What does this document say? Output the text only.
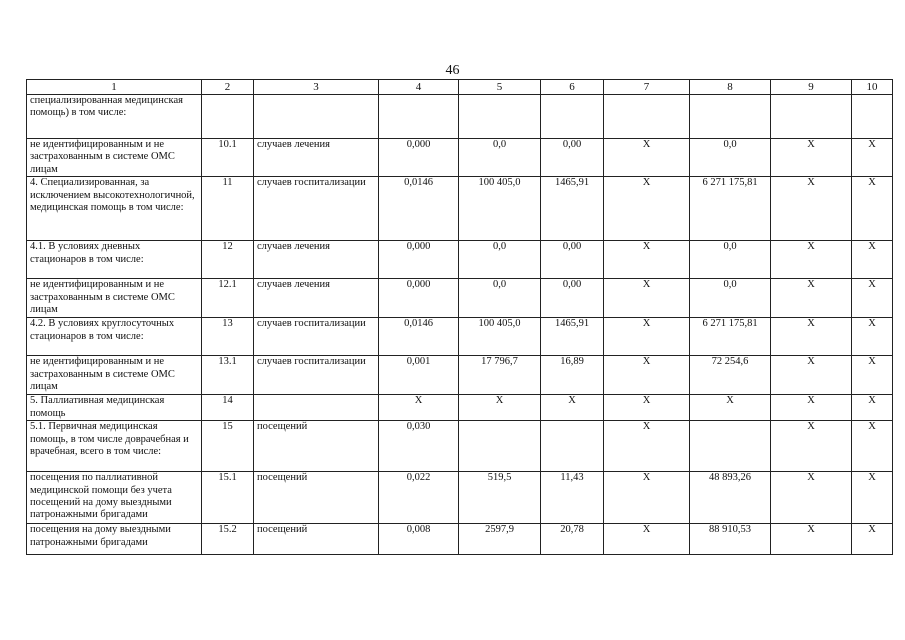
46
1	2	3	4	5	6	7	8	9	10
специализированная медицинская помощь) в том числе:									
не идентифицированным и не застрахованным в системе ОМС лицам	10.1	случаев лечения	0,000	0,0	0,00	Х	0,0	Х	Х
4. Специализированная, за исключением высокотехнологичной, медицинская помощь в том числе:	11	случаев госпитализации	0,0146	100 405,0	1465,91	Х	6 271 175,81	Х	Х
4.1. В условиях дневных стационаров в том числе:	12	случаев лечения	0,000	0,0	0,00	Х	0,0	Х	Х
не идентифицированным и не застрахованным в системе ОМС лицам	12.1	случаев лечения	0,000	0,0	0,00	Х	0,0	Х	Х
4.2. В условиях круглосуточных стационаров в том числе:	13	случаев госпитализации	0,0146	100 405,0	1465,91	Х	6 271 175,81	Х	Х
не идентифицированным и не застрахованным в системе ОМС лицам	13.1	случаев госпитализации	0,001	17 796,7	16,89	Х	72 254,6	Х	Х
5. Паллиативная медицинская помощь	14		Х	Х	Х	Х	Х	Х	Х
5.1. Первичная медицинская помощь, в том числе доврачебная и врачебная, всего в том числе:	15	посещений	0,030			Х		Х	Х
посещения по паллиативной медицинской помощи без учета посещений на дому выездными патронажными бригадами	15.1	посещений	0,022	519,5	11,43	Х	48 893,26	Х	Х
посещения на дому выездными патронажными бригадами	15.2	посещений	0,008	2597,9	20,78	Х	88 910,53	Х	Х
